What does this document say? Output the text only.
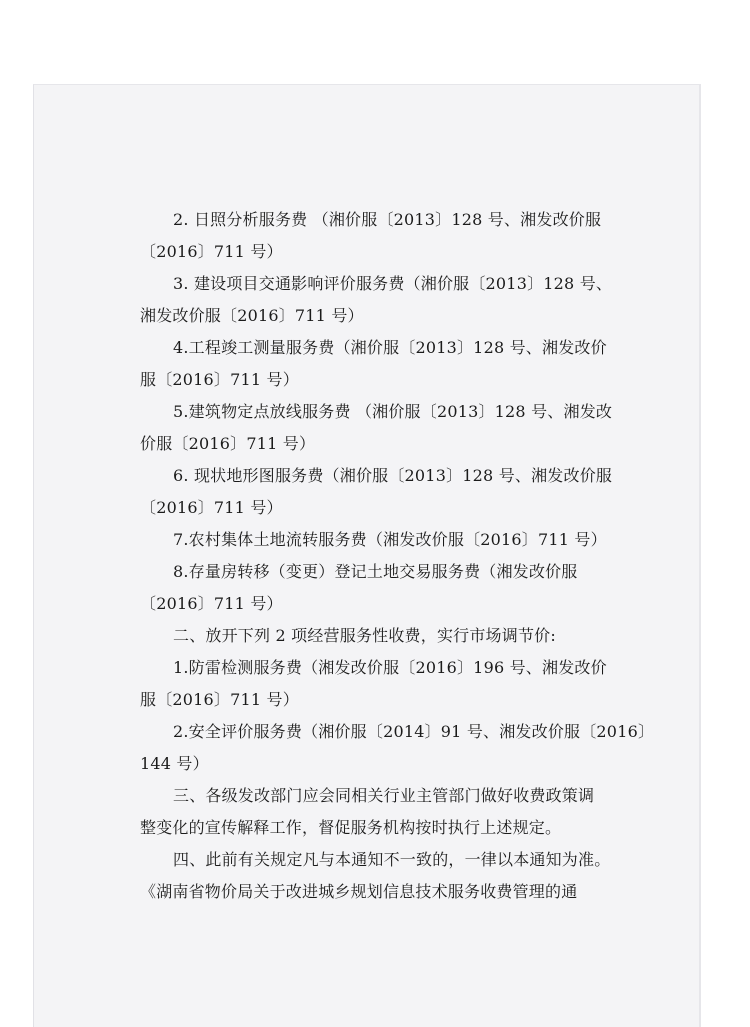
2. 日照分析服务费 （湘价服〔2013〕128 号、湘发改价服
〔2016〕711 号）
3. 建设项目交通影响评价服务费（湘价服〔2013〕128 号、
湘发改价服〔2016〕711 号）
4.工程竣工测量服务费（湘价服〔2013〕128 号、湘发改价
服〔2016〕711 号）
5.建筑物定点放线服务费 （湘价服〔2013〕128 号、湘发改
价服〔2016〕711 号）
6. 现状地形图服务费（湘价服〔2013〕128 号、湘发改价服
〔2016〕711 号）
7.农村集体土地流转服务费（湘发改价服〔2016〕711 号）
8.存量房转移（变更）登记土地交易服务费（湘发改价服
〔2016〕711 号）
二、放开下列 2 项经营服务性收费，实行市场调节价:
1.防雷检测服务费（湘发改价服〔2016〕196 号、湘发改价
服〔2016〕711 号）
2.安全评价服务费（湘价服〔2014〕91 号、湘发改价服〔2016〕
144 号）
三、各级发改部门应会同相关行业主管部门做好收费政策调
整变化的宣传解释工作，督促服务机构按时执行上述规定。
四、此前有关规定凡与本通知不一致的，一律以本通知为准。
《湖南省物价局关于改进城乡规划信息技术服务收费管理的通
